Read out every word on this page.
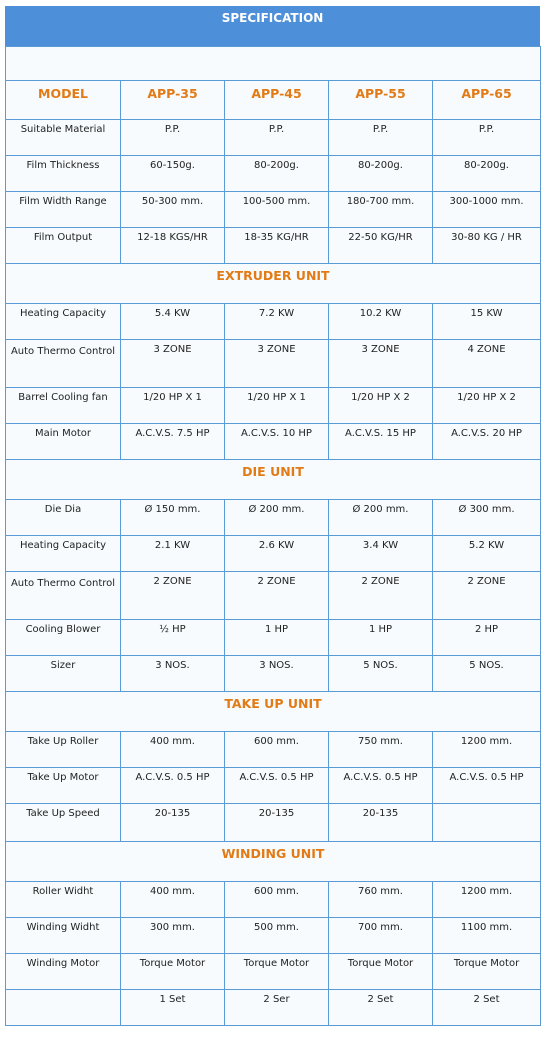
SPECIFICATION

MODEL	APP-35	APP-45	APP-55	APP-65
Suitable Material	P.P.	P.P.	P.P.	P.P.
Film Thickness	60-150g.	80-200g.	80-200g.	80-200g.
Film Width Range	50-300 mm.	100-500 mm.	180-700 mm.	300-1000 mm.
Film Output	12-18 KGS/HR	18-35 KG/HR	22-50 KG/HR	30-80 KG / HR
EXTRUDER UNIT				
Heating Capacity	5.4 KW	7.2 KW	10.2 KW	15 KW
Auto Thermo Control	3 ZONE	3 ZONE	3 ZONE	4 ZONE
Barrel Cooling fan	1/20 HP X 1	1/20 HP X 1	1/20 HP X 2	1/20 HP X 2
Main Motor	A.C.V.S. 7.5 HP	A.C.V.S. 10 HP	A.C.V.S. 15 HP	A.C.V.S. 20 HP
DIE UNIT				
Die Dia	Ø 150 mm.	Ø 200 mm.	Ø 200 mm.	Ø 300 mm.
Heating Capacity	2.1 KW	2.6 KW	3.4 KW	5.2 KW
Auto Thermo Control	2 ZONE	2 ZONE	2 ZONE	2 ZONE
Cooling Blower	½ HP	1 HP	1 HP	2 HP
Sizer	3 NOS.	3 NOS.	5 NOS.	5 NOS.
TAKE UP UNIT				
Take Up Roller	400 mm.	600 mm.	750 mm.	1200 mm.
Take Up Motor	A.C.V.S. 0.5 HP	A.C.V.S. 0.5 HP	A.C.V.S. 0.5 HP	A.C.V.S. 0.5 HP
Take Up Speed	20-135	20-135	20-135	
WINDING UNIT				
Roller Widht	400 mm.	600 mm.	760 mm.	1200 mm.
Winding Widht	300 mm.	500 mm.	700 mm.	1100 mm.
Winding Motor	Torque Motor	Torque Motor	Torque Motor	Torque Motor
	1 Set	2 Ser	2 Set	2 Set
